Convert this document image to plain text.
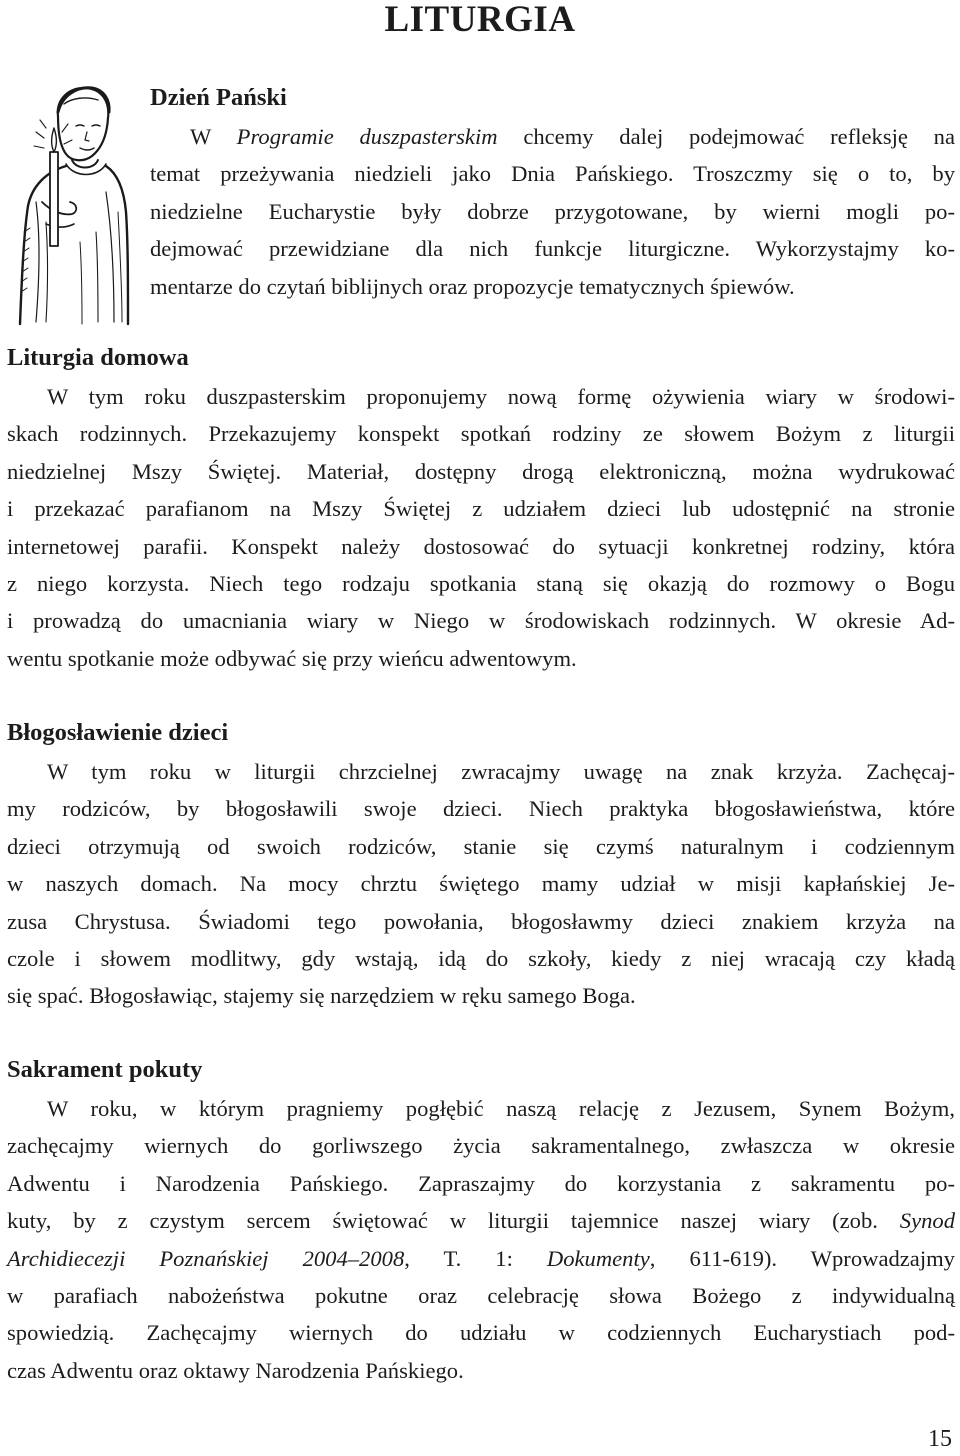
LITURGIA
Dzień Pański
W Programie duszpasterskim chcemy dalej podejmować refleksję na
temat przeżywania niedzieli jako Dnia Pańskiego. Troszczmy się o to, by
niedzielne Eucharystie były dobrze przygotowane, by wierni mogli po-
dejmować przewidziane dla nich funkcje liturgiczne. Wykorzystajmy ko-
mentarze do czytań biblijnych oraz propozycje tematycznych śpiewów.
Liturgia domowa
W tym roku duszpasterskim proponujemy nową formę ożywienia wiary w środowi-
skach rodzinnych. Przekazujemy konspekt spotkań rodziny ze słowem Bożym z liturgii
niedzielnej Mszy Świętej. Materiał, dostępny drogą elektroniczną, można wydrukować
i przekazać parafianom na Mszy Świętej z udziałem dzieci lub udostępnić na stronie
internetowej parafii. Konspekt należy dostosować do sytuacji konkretnej rodziny, która
z niego korzysta. Niech tego rodzaju spotkania staną się okazją do rozmowy o Bogu
i prowadzą do umacniania wiary w Niego w środowiskach rodzinnych. W okresie Ad-
wentu spotkanie może odbywać się przy wieńcu adwentowym.
Błogosławienie dzieci
W tym roku w liturgii chrzcielnej zwracajmy uwagę na znak krzyża. Zachęcaj-
my rodziców, by błogosławili swoje dzieci. Niech praktyka błogosławieństwa, które
dzieci otrzymują od swoich rodziców, stanie się czymś naturalnym i codziennym
w naszych domach. Na mocy chrztu świętego mamy udział w misji kapłańskiej Je-
zusa Chrystusa. Świadomi tego powołania, błogosławmy dzieci znakiem krzyża na
czole i słowem modlitwy, gdy wstają, idą do szkoły, kiedy z niej wracają czy kładą
się spać. Błogosławiąc, stajemy się narzędziem w ręku samego Boga.
Sakrament pokuty
W roku, w którym pragniemy pogłębić naszą relację z Jezusem, Synem Bożym,
zachęcajmy wiernych do gorliwszego życia sakramentalnego, zwłaszcza w okresie
Adwentu i Narodzenia Pańskiego. Zapraszajmy do korzystania z sakramentu po-
kuty, by z czystym sercem świętować w liturgii tajemnice naszej wiary (zob. Synod
Archidiecezji Poznańskiej 2004–2008, T. 1: Dokumenty, 611-619). Wprowadzajmy
w parafiach nabożeństwa pokutne oraz celebrację słowa Bożego z indywidualną
spowiedzią. Zachęcajmy wiernych do udziału w codziennych Eucharystiach pod-
czas Adwentu oraz oktawy Narodzenia Pańskiego.
15
